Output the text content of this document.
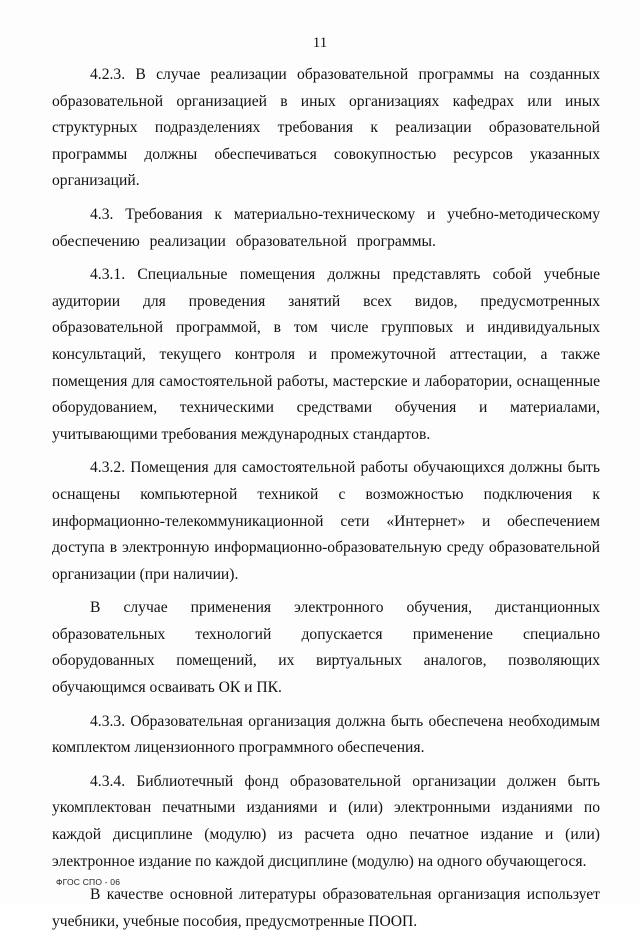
11

4.2.3. В случае реализации образовательной программы на созданных образовательной организацией в иных организациях кафедрах или иных структурных подразделениях требования к реализации образовательной программы должны обеспечиваться совокупностью ресурсов указанных организаций.

4.3. Требования к материально-техническому и учебно-методическому обеспечению реализации образовательной программы.

4.3.1. Специальные помещения должны представлять собой учебные аудитории для проведения занятий всех видов, предусмотренных образовательной программой, в том числе групповых и индивидуальных консультаций, текущего контроля и промежуточной аттестации, а также помещения для самостоятельной работы, мастерские и лаборатории, оснащенные оборудованием, техническими средствами обучения и материалами, учитывающими требования международных стандартов.

4.3.2. Помещения для самостоятельной работы обучающихся должны быть оснащены компьютерной техникой с возможностью подключения к информационно-телекоммуникационной сети «Интернет» и обеспечением доступа в электронную информационно-образовательную среду образовательной организации (при наличии).

В случае применения электронного обучения, дистанционных образовательных технологий допускается применение специально оборудованных помещений, их виртуальных аналогов, позволяющих обучающимся осваивать ОК и ПК.

4.3.3. Образовательная организация должна быть обеспечена необходимым комплектом лицензионного программного обеспечения.

4.3.4. Библиотечный фонд образовательной организации должен быть укомплектован печатными изданиями и (или) электронными изданиями по каждой дисциплине (модулю) из расчета одно печатное издание и (или) электронное издание по каждой дисциплине (модулю) на одного обучающегося.

В качестве основной литературы образовательная организация использует учебники, учебные пособия, предусмотренные ПООП.

ФГОС СПО - 06
